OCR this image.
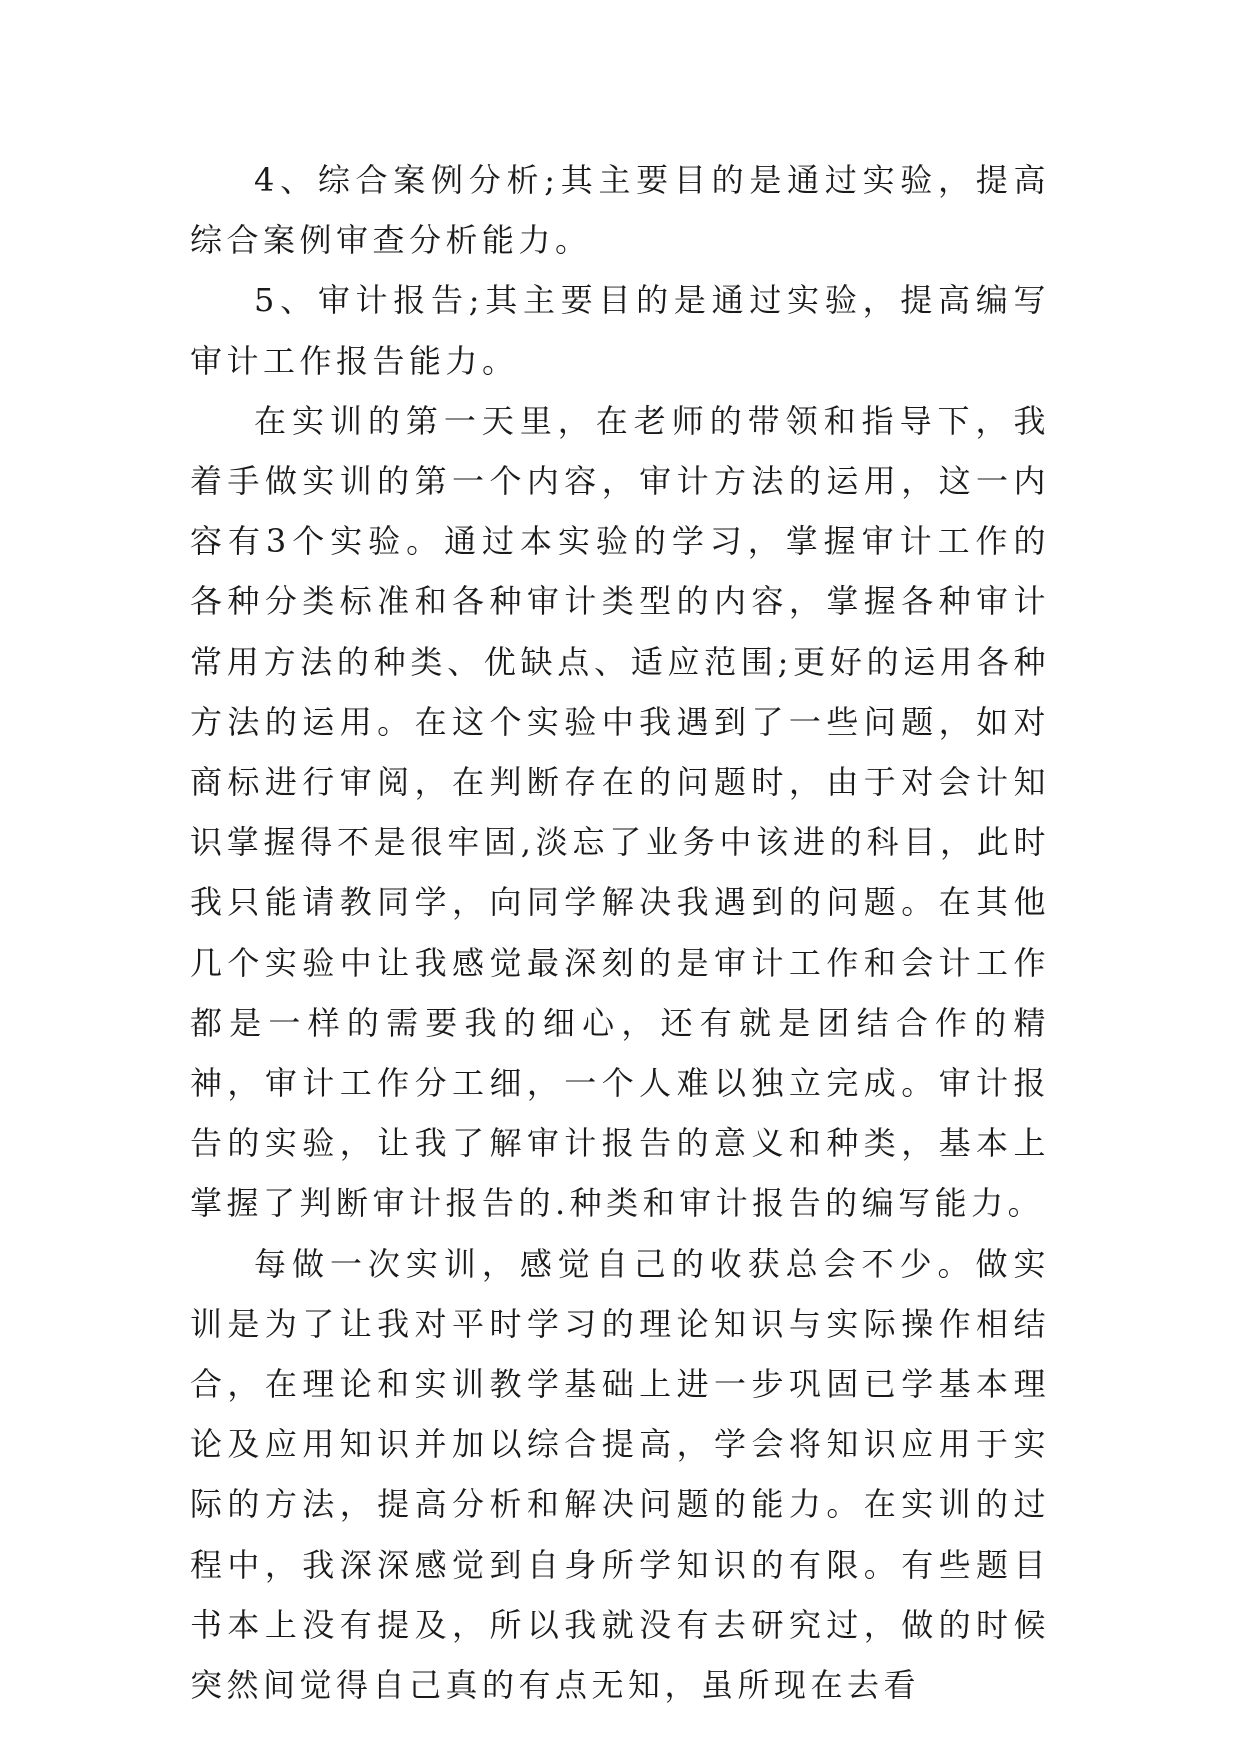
4、综合案例分析;其主要目的是通过实验，提高综合案例审查分析能力。

5、审计报告;其主要目的是通过实验，提高编写审计工作报告能力。

在实训的第一天里，在老师的带领和指导下，我着手做实训的第一个内容，审计方法的运用，这一内容有3个实验。通过本实验的学习，掌握审计工作的各种分类标准和各种审计类型的内容，掌握各种审计常用方法的种类、优缺点、适应范围;更好的运用各种方法的运用。在这个实验中我遇到了一些问题，如对商标进行审阅，在判断存在的问题时，由于对会计知识掌握得不是很牢固,淡忘了业务中该进的科目，此时我只能请教同学，向同学解决我遇到的问题。在其他几个实验中让我感觉最深刻的是审计工作和会计工作都是一样的需要我的细心，还有就是团结合作的精神，审计工作分工细，一个人难以独立完成。审计报告的实验，让我了解审计报告的意义和种类，基本上掌握了判断审计报告的.种类和审计报告的编写能力。

每做一次实训，感觉自己的收获总会不少。做实训是为了让我对平时学习的理论知识与实际操作相结合，在理论和实训教学基础上进一步巩固已学基本理论及应用知识并加以综合提高，学会将知识应用于实际的方法，提高分析和解决问题的能力。在实训的过程中，我深深感觉到自身所学知识的有限。有些题目书本上没有提及，所以我就没有去研究过，做的时候突然间觉得自己真的有点无知，虽所现在去看
